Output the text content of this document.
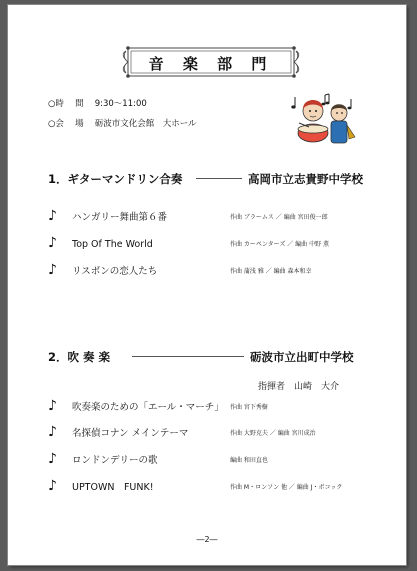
音 楽 部 門
○時　 間 9:30～11:00
○会　 場 砺波市文化会館　大ホール
1．ギターマンドリン合奏	高岡市立志貴野中学校
♪ ハンガリー舞曲第６番	作曲 ブラームス ／ 編曲 宮田俊一郎
♪ Top Of The World	作曲 カーペンターズ ／ 編曲 中野 薫
♪ リスボンの恋人たち	作曲 蒲浅 雅 ／ 編曲 森本和幸
2．吹 奏 楽	砺波市立出町中学校
指揮者　山崎　大介
♪ 吹奏楽のための「エール・マーチ」 作曲 宮下秀樹
♪ 名探偵コナン メインテーマ	作曲 大野克夫 ／ 編曲 宮川成治
♪ ロンドンデリーの歌	編曲 和田直也
♪ UPTOWN　FUNK!	作曲 M・ロンソン 他 ／ 編曲 J・ボコック
―2―
